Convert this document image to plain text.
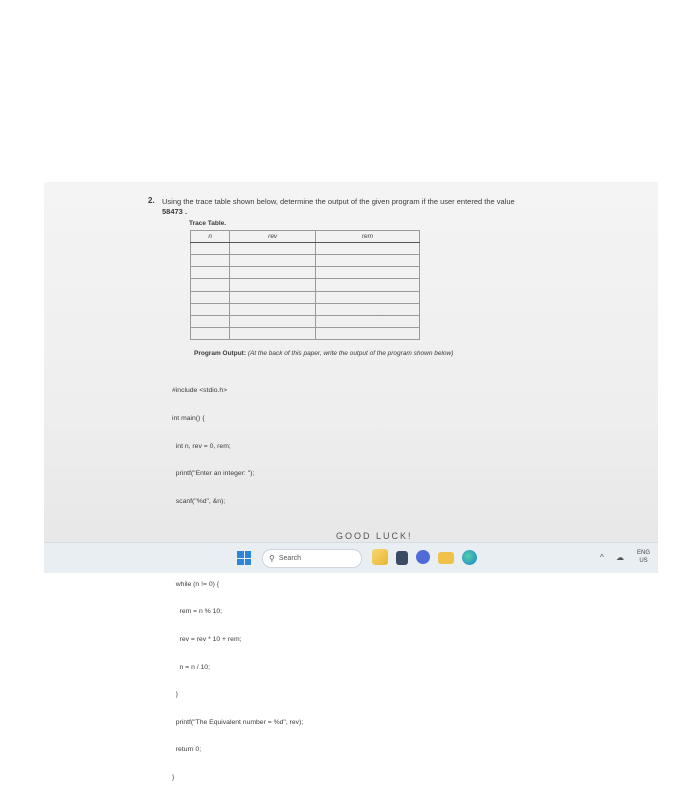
2. Using the trace table shown below, determine the output of the given program if the user entered the value
58473 .
Trace Table.
n	rev	rem

Program Output: (At the back of this paper, write the output of the program shown below)

#include <stdio.h>

int main() {

int n, rev = 0, rem;

printf("Enter an integer: ");

scanf("%d", &n);

while (n != 0) {

rem = n % 10;

rev = rev * 10 + rem;

n = n / 10;

}

printf("The Equivalent number = %d", rev);

return 0;

}

GOOD LUCK!
⚲ Search	^ ☁ ENG
US
